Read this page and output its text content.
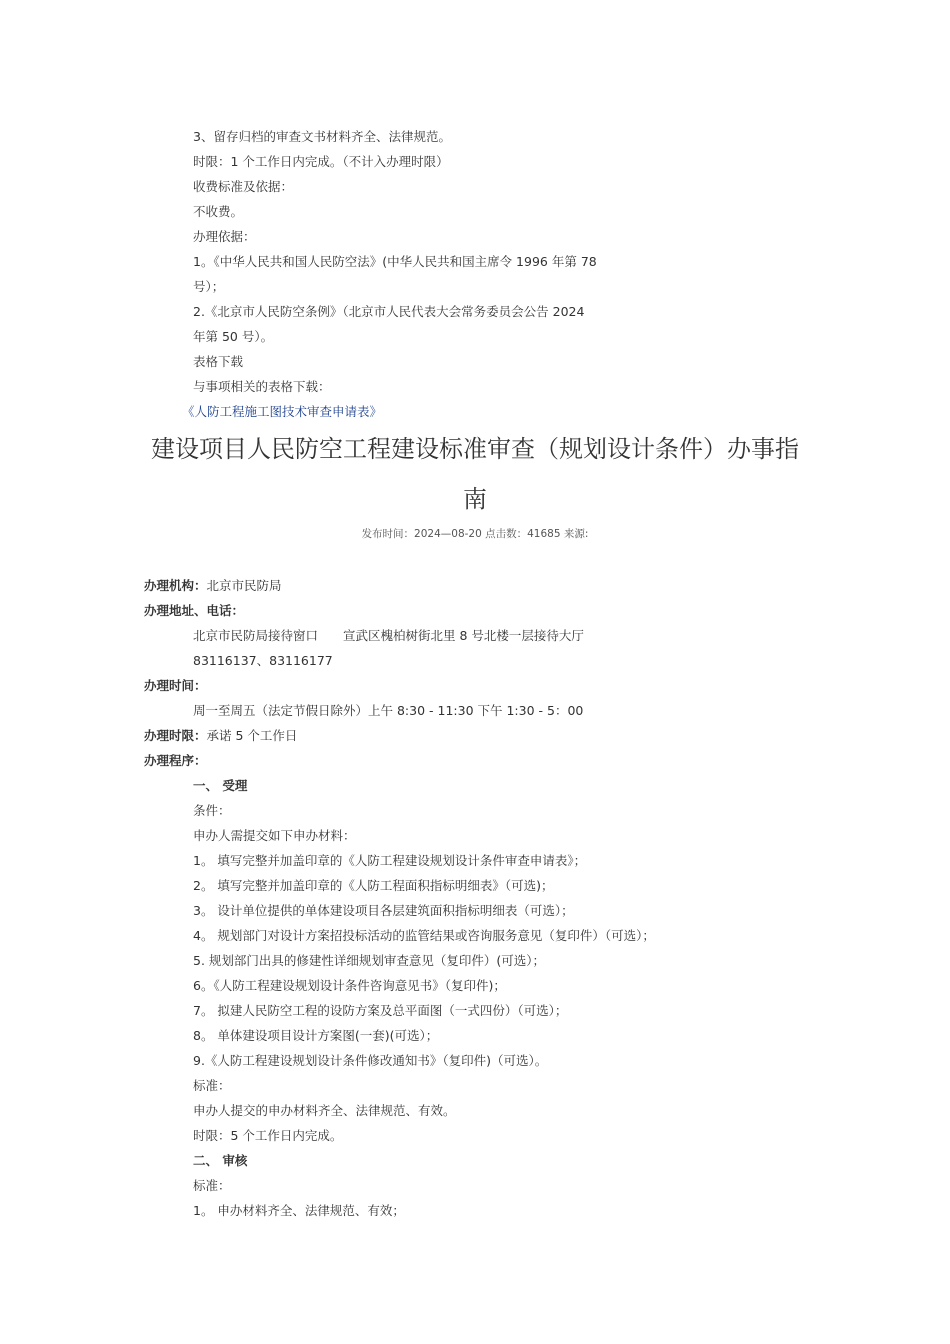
3、留存归档的审查文书材料齐全、法律规范。
时限：1 个工作日内完成。（不计入办理时限）
收费标准及依据：
不收费。
办理依据：
1。《中华人民共和国人民防空法》(中华人民共和国主席令 1996 年第 78
号）；
2.《北京市人民防空条例》（北京市人民代表大会常务委员会公告 2024
年第 50 号）。
表格下载
与事项相关的表格下载：
《人防工程施工图技术审查申请表》
建设项目人民防空工程建设标准审查（规划设计条件）办事指
南
发布时间：2024—08-20 点击数：41685 来源:
办理机构：北京市民防局
办理地址、电话：
北京市民防局接待窗口　　宣武区槐柏树街北里 8 号北楼一层接待大厅
83116137、83116177
办理时间：
周一至周五（法定节假日除外）上午 8:30 - 11:30 下午 1:30 - 5：00
办理时限：承诺 5 个工作日
办理程序：
一、 受理
条件：
申办人需提交如下申办材料：
1。 填写完整并加盖印章的《人防工程建设规划设计条件审查申请表》；
2。 填写完整并加盖印章的《人防工程面积指标明细表》（可选)；
3。 设计单位提供的单体建设项目各层建筑面积指标明细表（可选）；
4。 规划部门对设计方案招投标活动的监管结果或咨询服务意见（复印件）（可选）；
5. 规划部门出具的修建性详细规划审查意见（复印件）(可选）；
6。《人防工程建设规划设计条件咨询意见书》（复印件)；
7。 拟建人民防空工程的设防方案及总平面图（一式四份）（可选）；
8。 单体建设项目设计方案图(一套)(可选）；
9.《人防工程建设规划设计条件修改通知书》（复印件)（可选）。
标准：
申办人提交的申办材料齐全、法律规范、有效。
时限：5 个工作日内完成。
二、 审核
标准：
1。 申办材料齐全、法律规范、有效；
